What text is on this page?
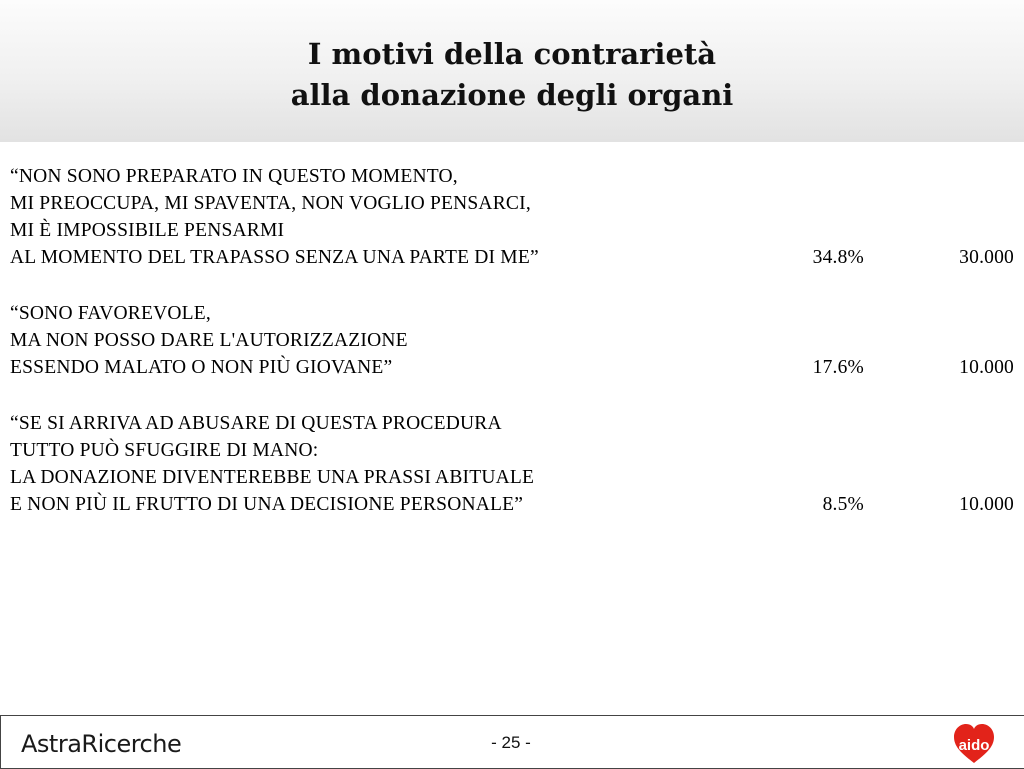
I motivi della contrarietà
alla donazione degli organi
“NON SONO PREPARATO IN QUESTO MOMENTO,
MI PREOCCUPA, MI SPAVENTA, NON VOGLIO PENSARCI,
MI È IMPOSSIBILE PENSARMI
AL MOMENTO DEL TRAPASSO SENZA UNA PARTE DI ME”	34.8%	30.000
“SONO FAVOREVOLE,
MA NON POSSO DARE L'AUTORIZZAZIONE
ESSENDO MALATO O NON PIÙ GIOVANE”	17.6%	10.000
“SE SI ARRIVA AD ABUSARE DI QUESTA PROCEDURA
TUTTO PUÒ SFUGGIRE DI MANO:
LA DONAZIONE DIVENTEREBBE UNA PRASSI ABITUALE
E NON PIÙ IL FRUTTO DI UNA DECISIONE PERSONALE”	8.5%	10.000
AstraRicerche	- 25 -	aido
